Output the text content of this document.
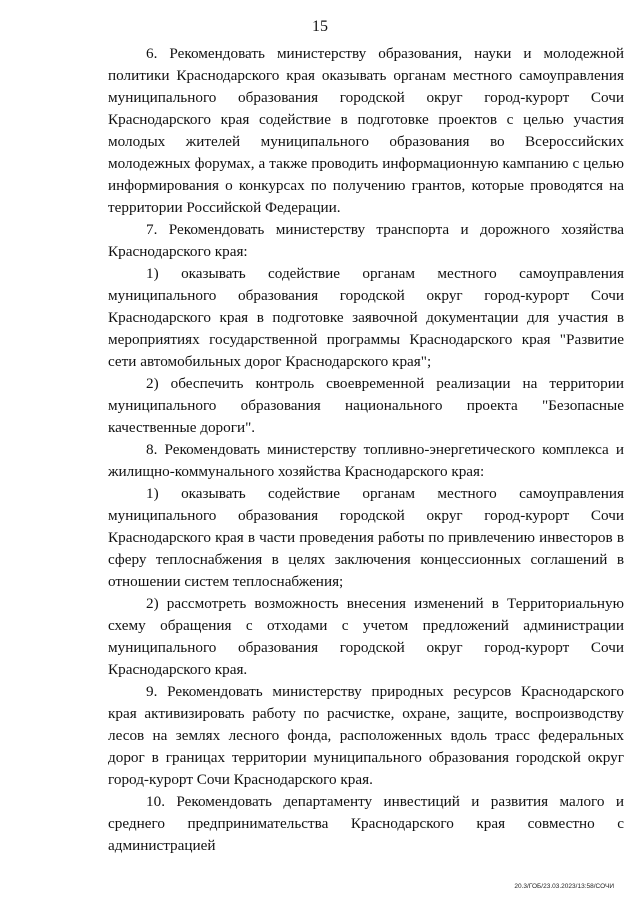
15

6. Рекомендовать министерству образования, науки и молодежной политики Краснодарского края оказывать органам местного самоуправления муниципального образования городской округ город-курорт Сочи Краснодарского края содействие в подготовке проектов с целью участия молодых жителей муниципального образования во Всероссийских молодежных форумах, а также проводить информационную кампанию с целью информирования о конкурсах по получению грантов, которые проводятся на территории Российской Федерации.

7. Рекомендовать министерству транспорта и дорожного хозяйства Краснодарского края:

1) оказывать содействие органам местного самоуправления муниципального образования городской округ город-курорт Сочи Краснодарского края в подготовке заявочной документации для участия в мероприятиях государственной программы Краснодарского края "Развитие сети автомобильных дорог Краснодарского края";

2) обеспечить контроль своевременной реализации на территории муниципального образования национального проекта "Безопасные качественные дороги".

8. Рекомендовать министерству топливно-энергетического комплекса и жилищно-коммунального хозяйства Краснодарского края:

1) оказывать содействие органам местного самоуправления муниципального образования городской округ город-курорт Сочи Краснодарского края в части проведения работы по привлечению инвесторов в сферу теплоснабжения в целях заключения концессионных соглашений в отношении систем теплоснабжения;

2) рассмотреть возможность внесения изменений в Территориальную схему обращения с отходами с учетом предложений администрации муниципального образования городской округ город-курорт Сочи Краснодарского края.

9. Рекомендовать министерству природных ресурсов Краснодарского края активизировать работу по расчистке, охране, защите, воспроизводству лесов на землях лесного фонда, расположенных вдоль трасс федеральных дорог в границах территории муниципального образования городской округ город-курорт Сочи Краснодарского края.

10. Рекомендовать департаменту инвестиций и развития малого и среднего предпринимательства Краснодарского края совместно с администрацией

20.3/ГОБ/23.03.2023/13:58/СОЧИ
